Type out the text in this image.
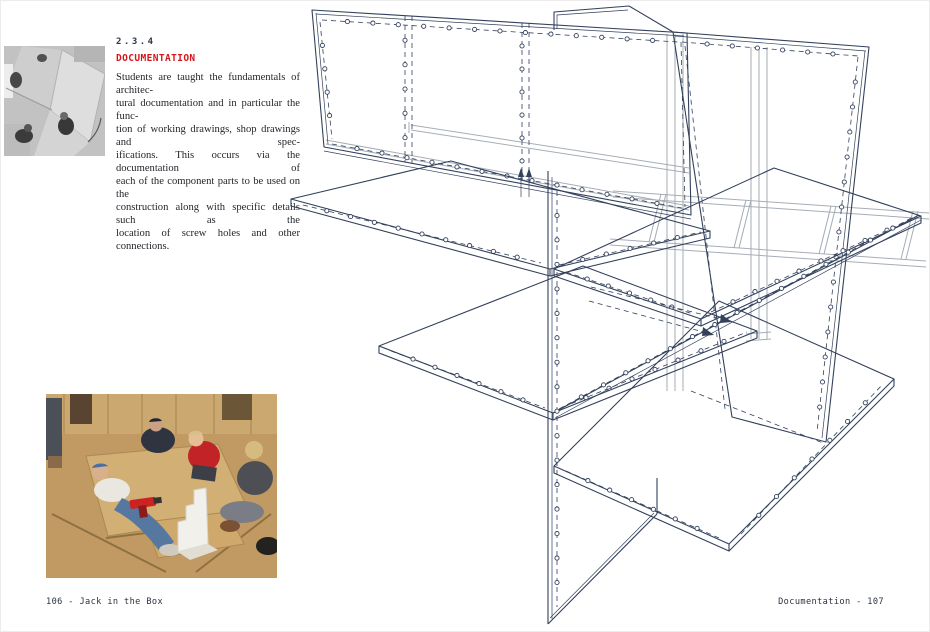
2.3.4
DOCUMENTATION
Students are taught the fundamentals of architec-
tural documentation and in particular the func-
tion of working drawings, shop drawings and spec-
ifications. This occurs via the documentation of
each of the component parts to be used on the
construction along with specific details such as the
location of screw holes and other connections.
106 - Jack in the Box	Documentation - 107
